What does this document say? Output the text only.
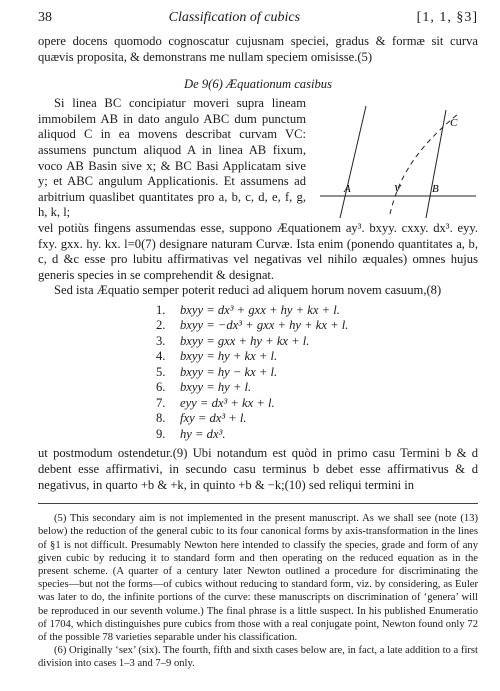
38	Classification of cubics	[1, 1, §3]

opere docens quomodo cognoscatur cujusnam speciei, gradus & formæ sit curva quævis proposita, & demonstrans me nullam speciem omisisse.(5)

De 9(6) Æquationum casibus

Si linea BC concipiatur moveri supra lineam immobilem AB in dato angulo ABC dum punctum aliquod C in ea movens describat curvam VC: assumens punctum aliquod A in linea AB fixum, voco AB Basin sive x; & BC Basi Applicatam sive y; et ABC angulum Applicationis. Et assumens ad arbitrium quaslibet quantitates pro a, b, c, d, e, f, g, h, k, l;

A	V	B
C

vel potiùs fingens assumendas esse, suppono Æquationem ay³. bxyy. cxxy. dx³. eyy. fxy. gxx. hy. kx. l=0(7) designare naturam Curvæ. Ista enim (ponendo quantitates a, b, c, d &c esse pro lubitu affirmativas vel negativas vel nihilo æquales) omnes hujus generis species in se comprehendit & designat.

Sed ista Æquatio semper poterit reduci ad aliquem horum novem casuum,(8)

1.	bxyy = dx³ + gxx + hy + kx + l.
2.	bxyy = −dx³ + gxx + hy + kx + l.
3.	bxyy = gxx + hy + kx + l.
4.	bxyy = hy + kx + l.
5.	bxyy = hy − kx + l.
6.	bxyy = hy + l.
7.	eyy = dx³ + kx + l.
8.	fxy = dx³ + l.
9.	hy = dx³.

ut postmodum ostendetur.(9) Ubi notandum est quòd in primo casu Termini b & d debent esse affirmativi, in secundo casu terminus b debet esse affirmativus & d negativus, in quarto +b & +k, in quinto +b & −k;(10) sed reliqui termini in

(5) This secondary aim is not implemented in the present manuscript. As we shall see (note (13) below) the reduction of the general cubic to its four canonical forms by axis-transformation in the lines of §1 is not difficult. Presumably Newton here intended to classify the species, grade and form of any given cubic by reducing it to standard form and then operating on the reduced equation as in the present scheme. (A quarter of a century later Newton outlined a procedure for discriminating the species—but not the forms—of cubics without reducing to standard form, viz. by considering, as Euler was later to do, the infinite portions of the curve: these manuscripts on discrimination of ‘genera’ will be reproduced in our seventh volume.) The final phrase is a little suspect. In his published Enumeratio of 1704, which distinguishes pure cubics from those with a real conjugate point, Newton found only 72 of the possible 78 varieties separable under his classification.

(6) Originally ‘sex’ (six). The fourth, fifth and sixth cases below are, in fact, a late addition to a first division into cases 1–3 and 7–9 only.
